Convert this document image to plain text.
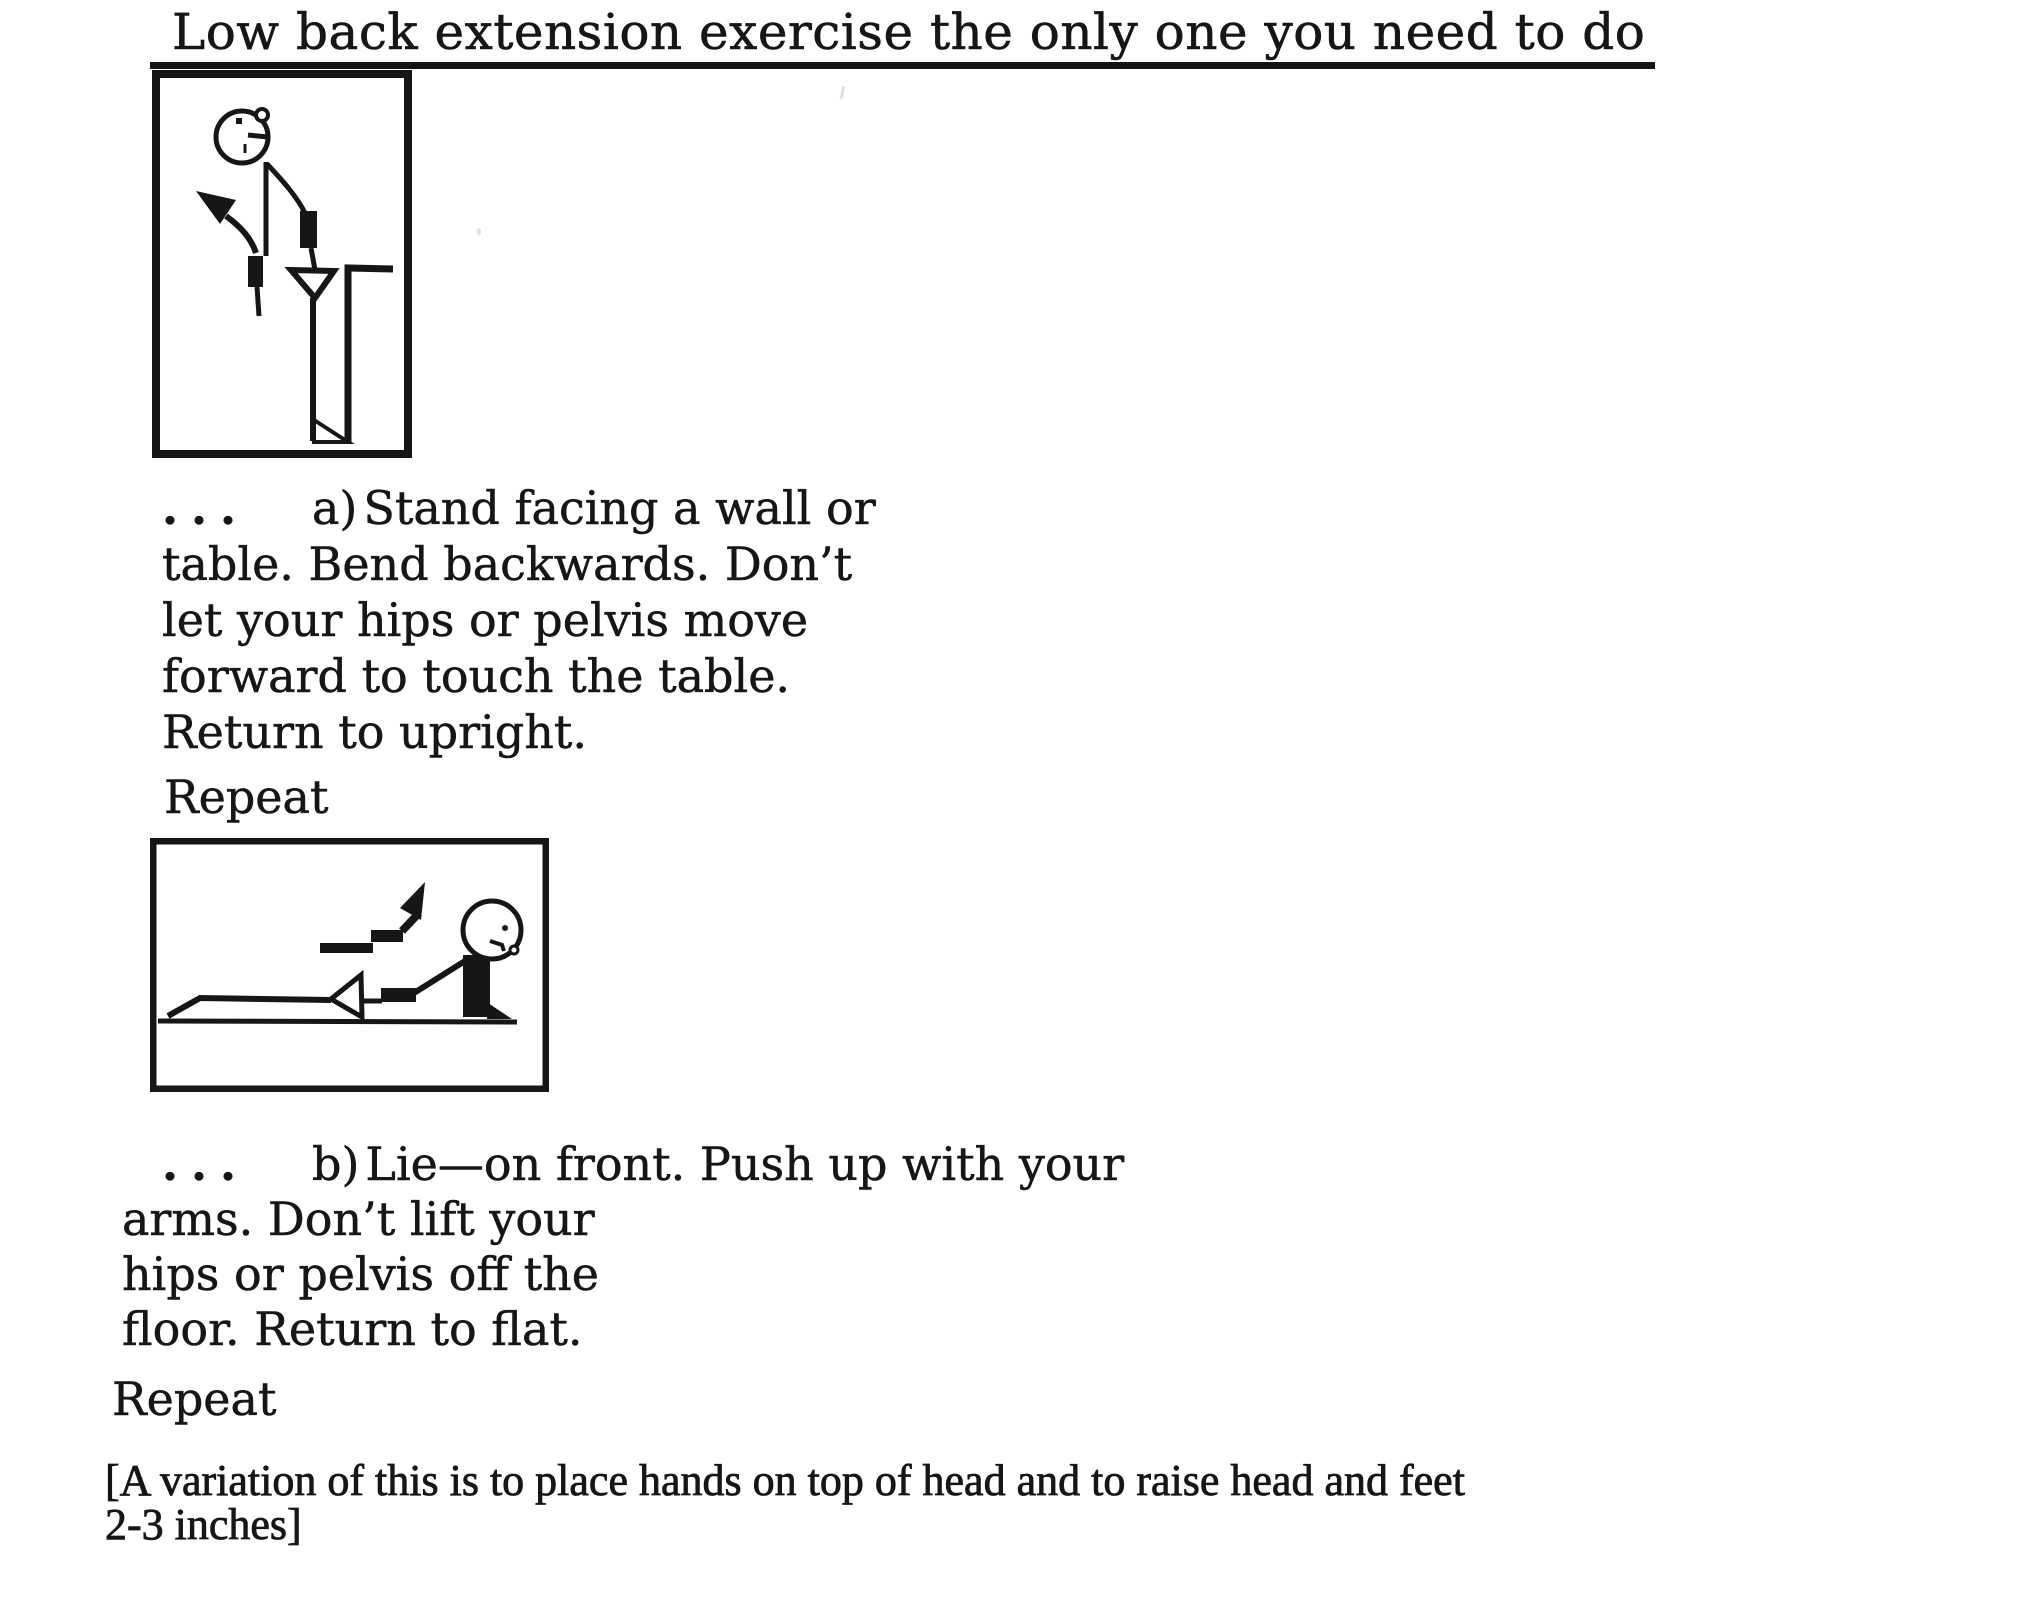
Low back extension exercise the only one you need to do
... a) Stand facing a wall or
table. Bend backwards. Don’t
let your hips or pelvis move
forward to touch the table.
Return to upright.
Repeat
... b) Lie—on front. Push up with your
arms. Don’t lift your
hips or pelvis off the
floor. Return to flat.
Repeat
[A variation of this is to place hands on top of head and to raise head and feet
2-3 inches]
